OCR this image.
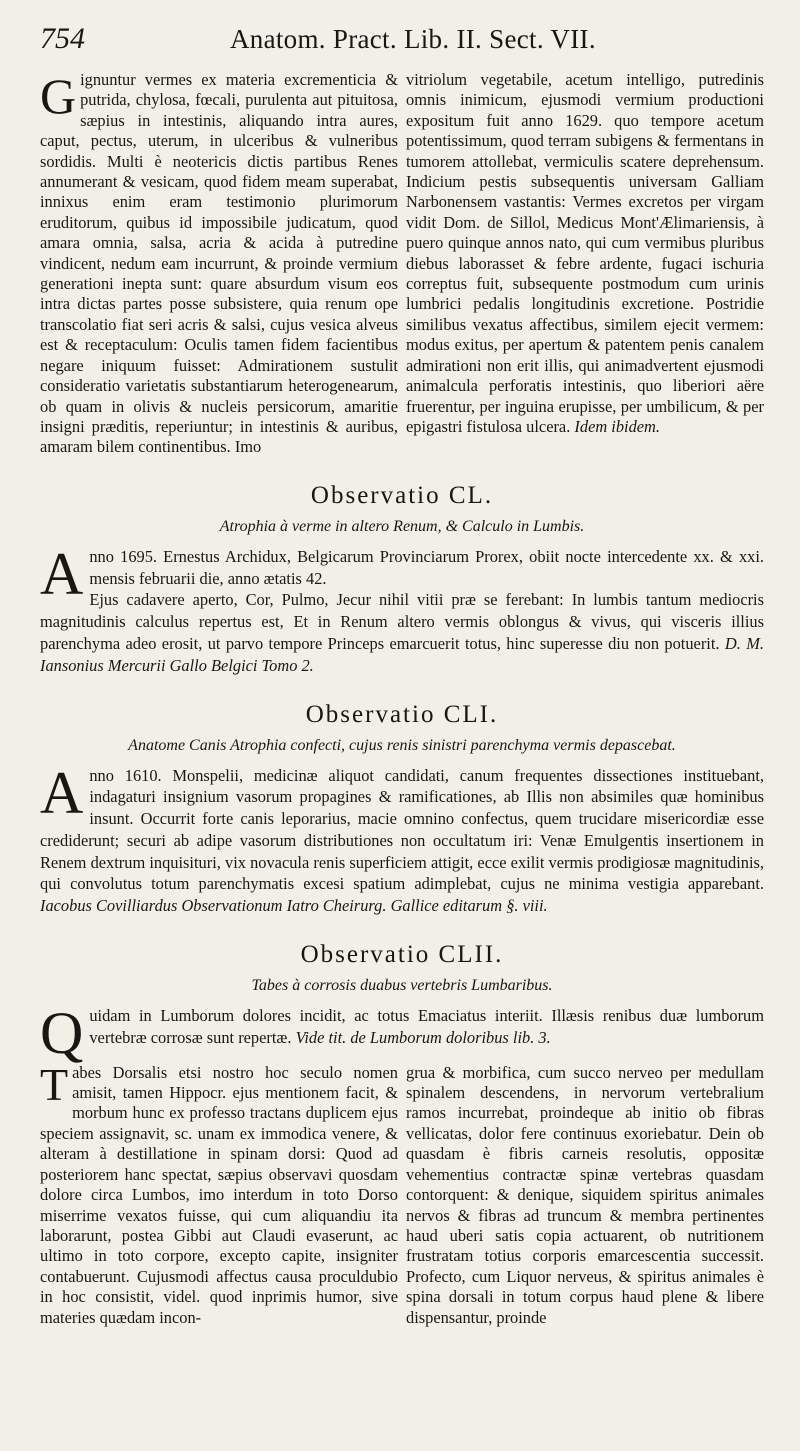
754	Anatom. Pract. Lib. II. Sect. VII.

Gignuntur vermes ex materia excrementicia & putrida, chylosa, fœcali, purulenta aut pituitosa, sæpius in intestinis, aliquando intra aures, caput, pectus, uterum, in ulceribus & vulneribus sordidis. Multi è neotericis dictis partibus Renes annumerant & vesicam, quod fidem meam superabat, innixus enim eram testimonio plurimorum eruditorum, quibus id impossibile judicatum, quod amara omnia, salsa, acria & acida à putredine vindicent, nedum eam incurrunt, & proinde vermium generationi inepta sunt: quare absurdum visum eos intra dictas partes posse subsistere, quia renum ope transcolatio fiat seri acris & salsi, cujus vesica alveus est & receptaculum: Oculis tamen fidem facientibus negare iniquum fuisset: Admirationem sustulit consideratio varietatis substantiarum heterogenearum, ob quam in olivis & nucleis persicorum, amaritie insigni præditis, reperiuntur; in intestinis & auribus, amaram bilem continentibus. Imo

vitriolum vegetabile, acetum intelligo, putredinis omnis inimicum, ejusmodi vermium productioni expositum fuit anno 1629. quo tempore acetum potentissimum, quod terram subigens & fermentans in tumorem attollebat, vermiculis scatere deprehensum. Indicium pestis subsequentis universam Galliam Narbonensem vastantis: Vermes excretos per virgam vidit Dom. de Sillol, Medicus Mont'Ælimariensis, à puero quinque annos nato, qui cum vermibus pluribus diebus laborasset & febre ardente, fugaci ischuria correptus fuit, subsequente postmodum cum urinis lumbrici pedalis longitudinis excretione. Postridie similibus vexatus affectibus, similem ejecit vermem: modus exitus, per apertum & patentem penis canalem admirationi non erit illis, qui animadvertent ejusmodi animalcula perforatis intestinis, quo liberiori aëre fruerentur, per inguina erupisse, per umbilicum, & per epigastri fistulosa ulcera. Idem ibidem.

Observatio CL.
Atrophia à verme in altero Renum, & Calculo in Lumbis.

Anno 1695. Ernestus Archidux, Belgicarum Provinciarum Prorex, obiit nocte intercedente xx. & xxi. mensis februarii die, anno ætatis 42.

Ejus cadavere aperto, Cor, Pulmo, Jecur nihil vitii præ se ferebant: In lumbis tantum mediocris magnitudinis calculus repertus est, Et in Renum altero vermis oblongus & vivus, qui visceris illius parenchyma adeo erosit, ut parvo tempore Princeps emarcuerit totus, hinc superesse diu non potuerit. D. M. Iansonius Mercurii Gallo Belgici Tomo 2.

Observatio CLI.
Anatome Canis Atrophia confecti, cujus renis sinistri parenchyma vermis depascebat.

Anno 1610. Monspelii, medicinæ aliquot candidati, canum frequentes dissectiones instituebant, indagaturi insignium vasorum propagines & ramificationes, ab Illis non absimiles quæ hominibus insunt. Occurrit forte canis leporarius, macie omnino confectus, quem trucidare misericordiæ esse crediderunt; securi ab adipe vasorum distributiones non occultatum iri: Venæ Emulgentis insertionem in Renem dextrum inquisituri, vix novacula renis superficiem attigit, ecce exilit vermis prodigiosæ magnitudinis, qui convolutus totum parenchymatis excesi spatium adimplebat, cujus ne minima vestigia apparebant. Iacobus Covilliardus Observationum Iatro Cheirurg. Gallice editarum §. viii.

Observatio CLII.
Tabes à corrosis duabus vertebris Lumbaribus.

Quidam in Lumborum dolores incidit, ac totus Emaciatus interiit. Illæsis renibus duæ lumborum vertebræ corrosæ sunt repertæ. Vide tit. de Lumborum doloribus lib. 3.

Tabes Dorsalis etsi nostro hoc seculo nomen amisit, tamen Hippocr. ejus mentionem facit, & morbum hunc ex professo tractans duplicem ejus speciem assignavit, sc. unam ex immodica venere, & alteram à destillatione in spinam dorsi: Quod ad posteriorem hanc spectat, sæpius observavi quosdam dolore circa Lumbos, imo interdum in toto Dorso miserrime vexatos fuisse, qui cum aliquandiu ita laborarunt, postea Gibbi aut Claudi evaserunt, ac ultimo in toto corpore, excepto capite, insigniter contabuerunt. Cujusmodi affectus causa proculdubio in hoc consistit, videl. quod inprimis humor, sive materies quædam incon-

grua & morbifica, cum succo nerveo per medullam spinalem descendens, in nervorum vertebralium ramos incurrebat, proindeque ab initio ob fibras vellicatas, dolor fere continuus exoriebatur. Dein ob quasdam è fibris carneis resolutis, oppositæ vehementius contractæ spinæ vertebras quasdam contorquent: & denique, siquidem spiritus animales nervos & fibras ad truncum & membra pertinentes haud uberi satis copia actuarent, ob nutritionem frustratam totius corporis emarcescentia successit. Profecto, cum Liquor nerveus, & spiritus animales è spina dorsali in totum corpus haud plene & libere dispensantur, proinde
